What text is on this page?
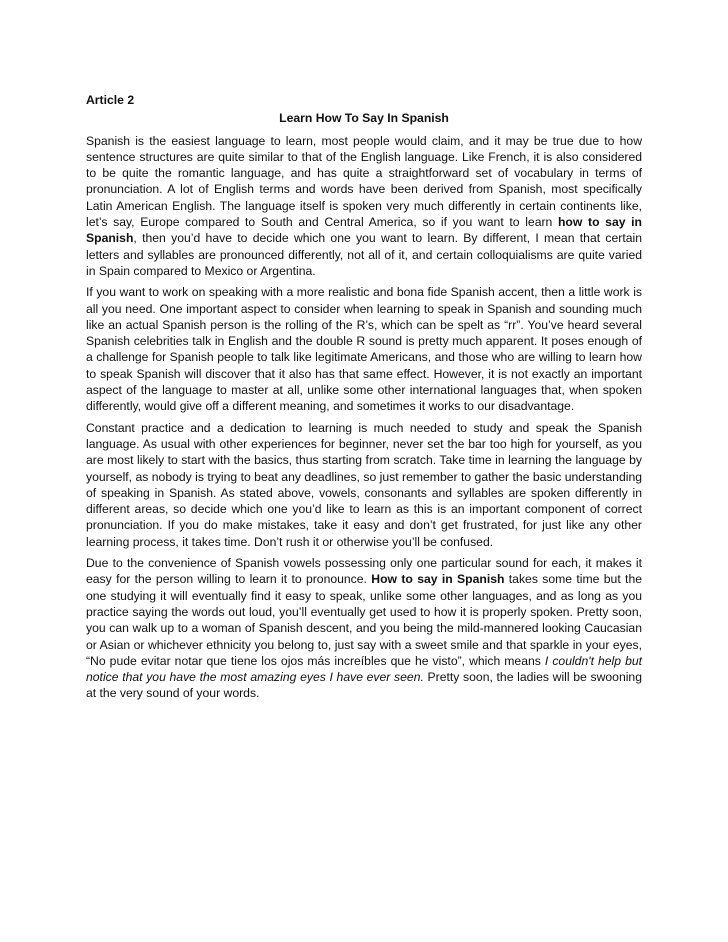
Article 2
Learn How To Say In Spanish

Spanish is the easiest language to learn, most people would claim, and it may be true due to how sentence structures are quite similar to that of the English language. Like French, it is also considered to be quite the romantic language, and has quite a straightforward set of vocabulary in terms of pronunciation. A lot of English terms and words have been derived from Spanish, most specifically Latin American English. The language itself is spoken very much differently in certain continents like, let’s say, Europe compared to South and Central America, so if you want to learn how to say in Spanish, then you’d have to decide which one you want to learn. By different, I mean that certain letters and syllables are pronounced differently, not all of it, and certain colloquialisms are quite varied in Spain compared to Mexico or Argentina.

If you want to work on speaking with a more realistic and bona fide Spanish accent, then a little work is all you need. One important aspect to consider when learning to speak in Spanish and sounding much like an actual Spanish person is the rolling of the R’s, which can be spelt as “rr”. You’ve heard several Spanish celebrities talk in English and the double R sound is pretty much apparent. It poses enough of a challenge for Spanish people to talk like legitimate Americans, and those who are willing to learn how to speak Spanish will discover that it also has that same effect. However, it is not exactly an important aspect of the language to master at all, unlike some other international languages that, when spoken differently, would give off a different meaning, and sometimes it works to our disadvantage.

Constant practice and a dedication to learning is much needed to study and speak the Spanish language. As usual with other experiences for beginner, never set the bar too high for yourself, as you are most likely to start with the basics, thus starting from scratch. Take time in learning the language by yourself, as nobody is trying to beat any deadlines, so just remember to gather the basic understanding of speaking in Spanish. As stated above, vowels, consonants and syllables are spoken differently in different areas, so decide which one you’d like to learn as this is an important component of correct pronunciation. If you do make mistakes, take it easy and don’t get frustrated, for just like any other learning process, it takes time. Don’t rush it or otherwise you’ll be confused.

Due to the convenience of Spanish vowels possessing only one particular sound for each, it makes it easy for the person willing to learn it to pronounce. How to say in Spanish takes some time but the one studying it will eventually find it easy to speak, unlike some other languages, and as long as you practice saying the words out loud, you’ll eventually get used to how it is properly spoken. Pretty soon, you can walk up to a woman of Spanish descent, and you being the mild-mannered looking Caucasian or Asian or whichever ethnicity you belong to, just say with a sweet smile and that sparkle in your eyes, “No pude evitar notar que tiene los ojos más increíbles que he visto”, which means I couldn't help but notice that you have the most amazing eyes I have ever seen. Pretty soon, the ladies will be swooning at the very sound of your words.
